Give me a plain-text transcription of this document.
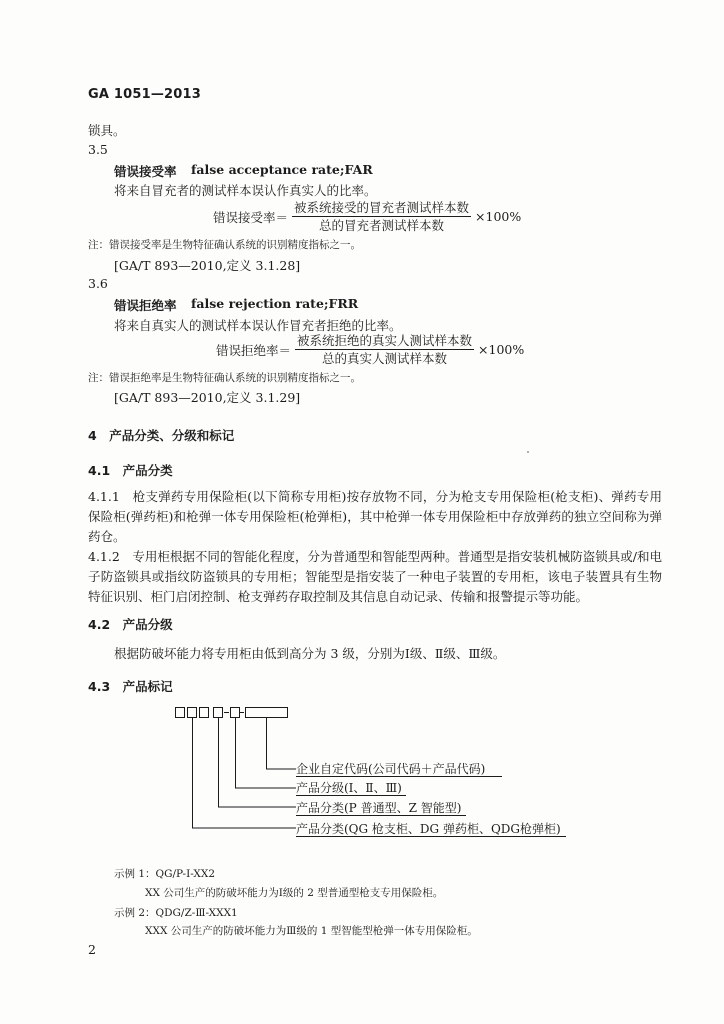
GA 1051—2013
锁具。
3.5
错误接受率 false acceptance rate;FAR
将来自冒充者的测试样本误认作真实人的比率。
错误接受率＝ $\frac{\text{被系统接受的冒充者测试样本数}}{\text{总的冒充者测试样本数}} \times 100\%$
注：错误接受率是生物特征确认系统的识别精度指标之一。
[GA/T 893—2010,定义 3.1.28]
3.6
错误拒绝率 false rejection rate;FRR
将来自真实人的测试样本误认作冒充者拒绝的比率。
错误拒绝率＝ $\frac{\text{被系统拒绝的真实人测试样本数}}{\text{总的真实人测试样本数}} \times 100\%$
注：错误拒绝率是生物特征确认系统的识别精度指标之一。
[GA/T 893—2010,定义 3.1.29]
4　产品分类、分级和标记
4.1　产品分类
4.1.1　枪支弹药专用保险柜(以下简称专用柜)按存放物不同，分为枪支专用保险柜(枪支柜)、弹药专用保险柜(弹药柜)和枪弹一体专用保险柜(枪弹柜)，其中枪弹一体专用保险柜中存放弹药的独立空间称为弹药仓。
4.1.2　专用柜根据不同的智能化程度，分为普通型和智能型两种。普通型是指安装机械防盗锁具或/和电子防盗锁具或指纹防盗锁具的专用柜；智能型是指安装了一种电子装置的专用柜，该电子装置具有生物特征识别、柜门启闭控制、枪支弹药存取控制及其信息自动记录、传输和报警提示等功能。
4.2　产品分级
根据防破坏能力将专用柜由低到高分为 3 级，分别为Ⅰ级、Ⅱ级、Ⅲ级。
4.3　产品标记
企业自定代码(公司代码＋产品代码)
产品分级(Ⅰ、Ⅱ、Ⅲ)
产品分类(P 普通型、Z 智能型)
产品分类(QG 枪支柜、DG 弹药柜、QDG枪弹柜)
示例 1：QG/P-Ⅰ-XX2
XX 公司生产的防破坏能力为Ⅰ级的 2 型普通型枪支专用保险柜。
示例 2：QDG/Z-Ⅲ-XXX1
XXX 公司生产的防破坏能力为Ⅲ级的 1 型智能型枪弹一体专用保险柜。
2
